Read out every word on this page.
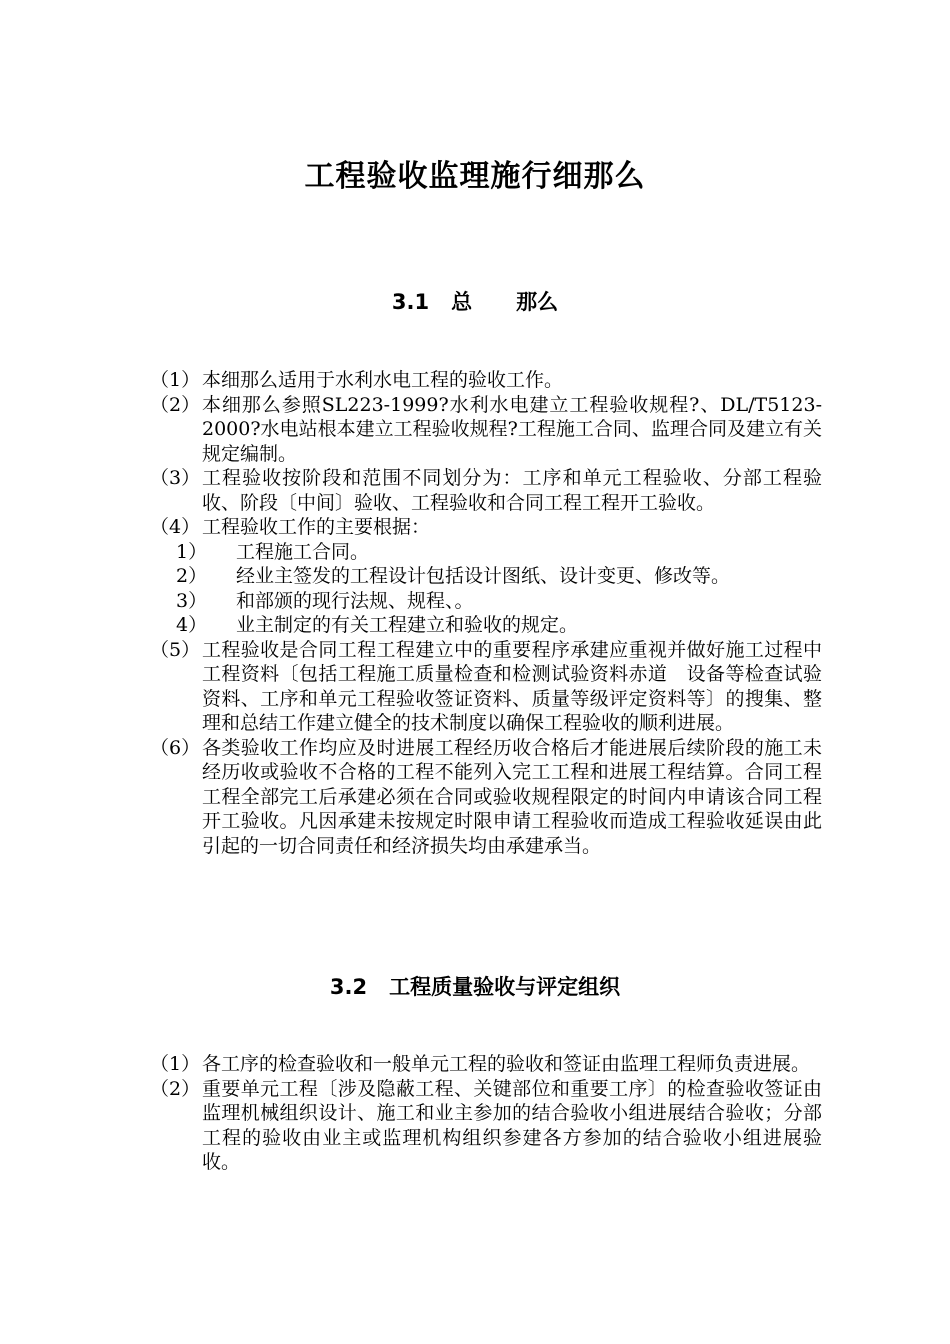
工程验收监理施行细那么
3.1 总 那么
（1） 本细那么适用于水利水电工程的验收工作。
（2） 本细那么参照SL223-1999?水利水电建立工程验收规程?、DL/T5123-2000?水电站根本建立工程验收规程?工程施工合同、监理合同及建立有关规定编制。
（3） 工程验收按阶段和范围不同划分为：工序和单元工程验收、分部工程验收、阶段〔中间〕验收、工程验收和合同工程工程开工验收。
（4） 工程验收工作的主要根据：
1） 工程施工合同。
2） 经业主签发的工程设计包括设计图纸、设计变更、修改等。
3） 和部颁的现行法规、规程、。
4） 业主制定的有关工程建立和验收的规定。
（5） 工程验收是合同工程工程建立中的重要程序承建应重视并做好施工过程中工程资料〔包括工程施工质量检查和检测试验资料赤道　设备等检查试验资料、工序和单元工程验收签证资料、质量等级评定资料等〕的搜集、整理和总结工作建立健全的技术制度以确保工程验收的顺利进展。
（6） 各类验收工作均应及时进展工程经历收合格后才能进展后续阶段的施工未经历收或验收不合格的工程不能列入完工工程和进展工程结算。合同工程工程全部完工后承建必须在合同或验收规程限定的时间内申请该合同工程开工验收。凡因承建未按规定时限申请工程验收而造成工程验收延误由此引起的一切合同责任和经济损失均由承建承当。
3.2 工程质量验收与评定组织
（1） 各工序的检查验收和一般单元工程的验收和签证由监理工程师负责进展。
（2） 重要单元工程〔涉及隐蔽工程、关键部位和重要工序〕的检查验收签证由监理机械组织设计、施工和业主参加的结合验收小组进展结合验收；分部工程的验收由业主或监理机构组织参建各方参加的结合验收小组进展验收。
